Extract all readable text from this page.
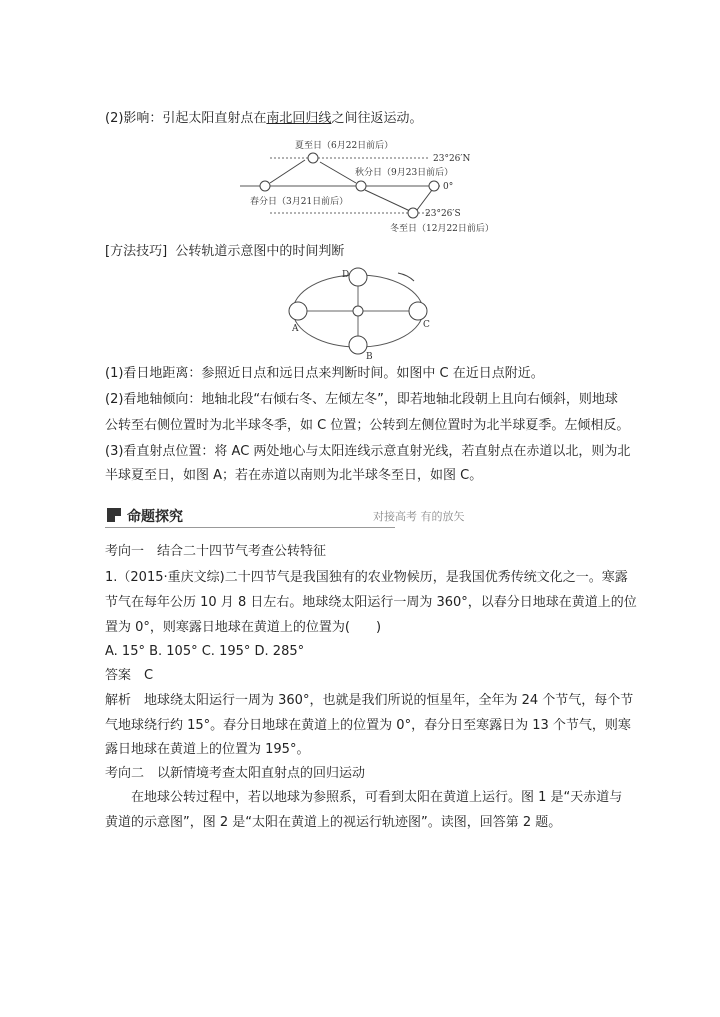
(2)影响：引起太阳直射点在南北回归线之间往返运动。
夏至日（6月22日前后）
秋分日（9月23日前后）
春分日（3月21日前后）
冬至日（12月22日前后）
23°26′N
0°
23°26′S
[方法技巧] 公转轨道示意图中的时间判断
A
B
C
D
(1)看日地距离：参照近日点和远日点来判断时间。如图中 C 在近日点附近。
(2)看地轴倾向：地轴北段“右倾右冬、左倾左冬”，即若地轴北段朝上且向右倾斜，则地球
公转至右侧位置时为北半球冬季，如 C 位置；公转到左侧位置时为北半球夏季。左倾相反。
(3)看直射点位置：将 AC 两处地心与太阳连线示意直射光线，若直射点在赤道以北，则为北
半球夏至日，如图 A；若在赤道以南则为北半球冬至日，如图 C。
命题探究	对接高考 有的放矢
考向一　结合二十四节气考查公转特征
1.（2015·重庆文综)二十四节气是我国独有的农业物候历，是我国优秀传统文化之一。寒露
节气在每年公历 10 月 8 日左右。地球绕太阳运行一周为 360°，以春分日地球在黄道上的位
置为 0°，则寒露日地球在黄道上的位置为(　　)
A. 15° B. 105° C. 195° D. 285°
答案　C
解析　地球绕太阳运行一周为 360°，也就是我们所说的恒星年，全年为 24 个节气，每个节
气地球绕行约 15°。春分日地球在黄道上的位置为 0°，春分日至寒露日为 13 个节气，则寒
露日地球在黄道上的位置为 195°。
考向二　以新情境考查太阳直射点的回归运动
　　在地球公转过程中，若以地球为参照系，可看到太阳在黄道上运行。图 1 是“天赤道与
黄道的示意图”，图 2 是“太阳在黄道上的视运行轨迹图”。读图，回答第 2 题。
